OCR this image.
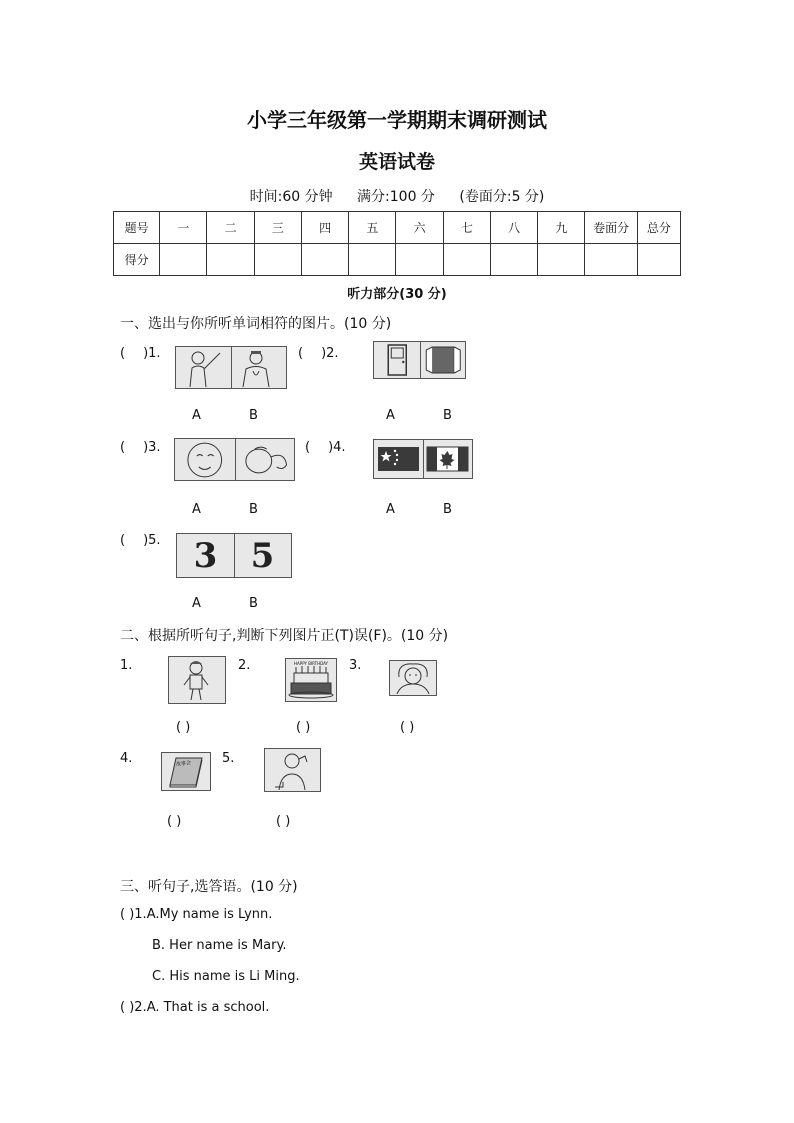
小学三年级第一学期期末调研测试
英语试卷
时间:60 分钟 满分:100 分 (卷面分:5 分)
题号	一	二	三	四	五	六	七	八	九	卷面分	总分
得分											
听力部分(30 分)
一、选出与你所听单词相符的图片。(10 分)
( )1.	( )2.
A	B	A	B
( )3.	( )4.
A	B	A	B
( )5. 3 5
A	B
二、根据所听句子,判断下列图片正(T)误(F)。(10 分)
1.	2.	HAPPY BIRTHDAY	3.
( )	( )	( )
4.	故事会 5.
( )	( )
三、听句子,选答语。(10 分)
( )1.A.My name is Lynn.
B. Her name is Mary.
C. His name is Li Ming.
( )2.A. That is a school.
